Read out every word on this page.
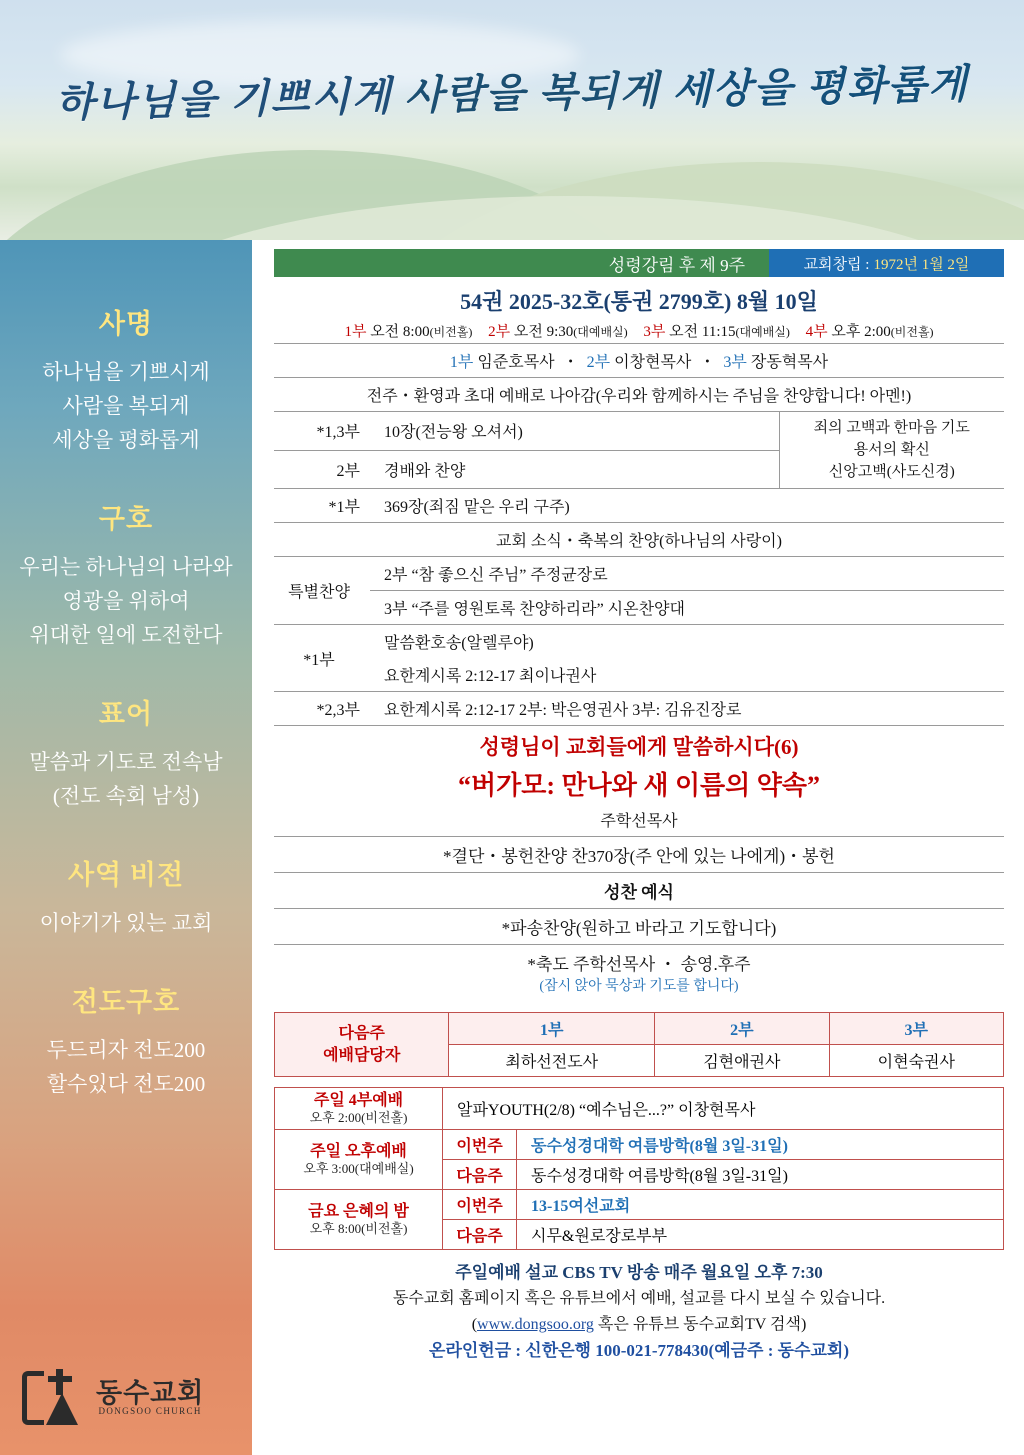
하나님을 기쁘시게 사람을 복되게 세상을 평화롭게
사명
하나님을 기쁘시게
사람을 복되게
세상을 평화롭게
구호
우리는 하나님의 나라와
영광을 위하여
위대한 일에 도전한다
표어
말씀과 기도로 전속남
(전도 속회 남성)
사역 비전
이야기가 있는 교회
전도구호
두드리자 전도200
할수있다 전도200
동수교회
DONGSOO CHURCH
성령강림 후 제 9주	교회창립 : 1972년 1월 2일
54권 2025-32호(통권 2799호) 8월 10일
1부 오전 8:00(비전홀) 2부 오전 9:30(대예배실) 3부 오전 11:15(대예배실) 4부 오후 2:00(비전홀)
1부 임준호목사  ・  2부 이창현목사  ・  3부 장동혁목사		
전주・환영과 초대 예배로 나아감(우리와 함께하시는 주님을 찬양합니다! 아멘!)		
*1,3부	10장(전능왕 오셔서)	죄의 고백과 한마음 기도
용서의 확신
신앙고백(사도신경)

2부	경배와 찬양	
*1부	369장(죄짐 맡은 우리 구주)	
교회 소식・축복의 찬양(하나님의 사랑이)		
특별찬양	2부 “참 좋으신 주님” 주정균장로	
	3부 “주를 영원토록 찬양하리라” 시온찬양대	
*1부	말씀환호송(알렐루야)	
	요한계시록 2:12-17 최이나권사	
*2,3부	요한계시록 2:12-17 2부: 박은영권사 3부: 김유진장로	

성령님이 교회들에게 말씀하시다(6)
“버가모: 만나와 새 이름의 약속”
주학선목사		

*결단・봉헌찬양 찬370장(주 안에 있는 나에게)・봉헌		
성찬 예식		
*파송찬양(원하고 바라고 기도합니다)		

*축도 주학선목사 ・ 송영.후주
(잠시 앉아 묵상과 기도를 합니다)		
다음주
예배담당자	1부	2부	3부
	최하선전도사	김현애권사	이현숙권사
주일 4부예배
오후 2:00(비전홀)	알파YOUTH(2/8) “예수님은...?” 이창현목사	

주일 오후예배
오후 3:00(대예배실)	이번주	동수성경대학 여름방학(8월 3일-31일)
	다음주	동수성경대학 여름방학(8월 3일-31일)

금요 은혜의 밤
오후 8:00(비전홀)	이번주	13-15여선교회
	다음주	시무&원로장로부부
주일예배 설교 CBS TV 방송 매주 월요일 오후 7:30
동수교회 홈페이지 혹은 유튜브에서 예배, 설교를 다시 보실 수 있습니다.
(www.dongsoo.org 혹은 유튜브 동수교회TV 검색)
온라인헌금 : 신한은행 100-021-778430(예금주 : 동수교회)
